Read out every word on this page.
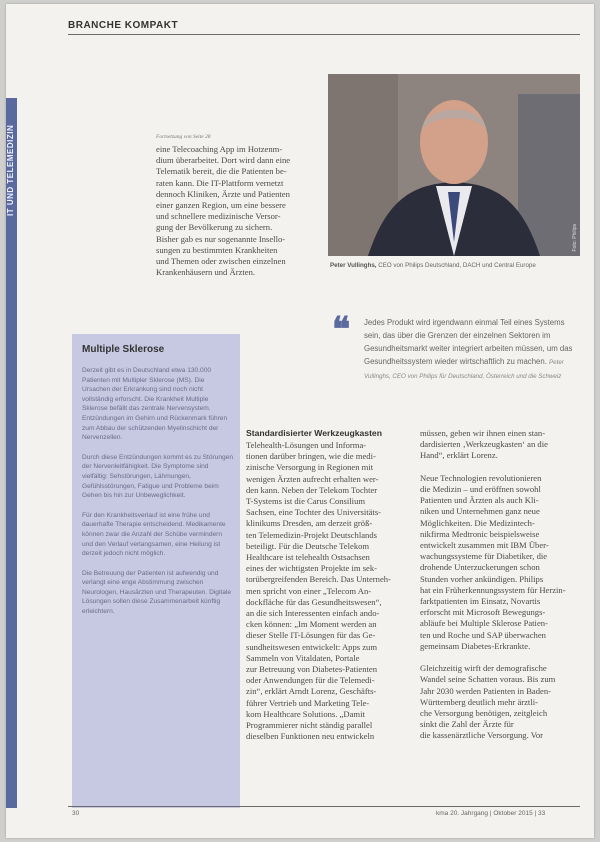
BRANCHE KOMPAKT
IT UND TELEMEDIZIN	Fortsetzung von Seite 28

eine Telecoaching App im Hotzenm-

dium überarbeitet. Dort wird dann eine

Telematik bereit, die die Patienten be-

raten kann. Die IT-Plattform vernetzt

dennoch Kliniken, Ärzte und Patienten

einer ganzen Region, um eine bessere

und schnellere medizinische Versor-

gung der Bevölkerung zu sichern.

Bisher gab es nur sogenannte Insello-

sungen zu bestimmten Krankheiten

und Themen oder zwischen einzelnen

Krankenhäusern und Ärzten.

Foto: Philips
Peter Vullinghs, CEO von Philips Deutschland, DACH und Central Europe
❝ Jedes Produkt wird irgendwann einmal Teil eines Systems sein, das über die Grenzen der einzelnen Sektoren im Gesundheitsmarkt weiter integriert arbeiten müssen, um das Gesundheitssystem wieder wirtschaftlich zu machen. Peter Vullinghs, CEO von Philips für Deutschland, Österreich und die Schweiz
Multiple Sklerose

Derzeit gibt es in Deutschland etwa 130.000 Patienten mit Multipler Sklerose (MS). Die Ursachen der Erkrankung sind noch nicht vollständig erforscht. Die Krankheit Multiple Sklerose befällt das zentrale Nervensystem. Entzündungen im Gehirn und Rückenmark führen zum Abbau der schützenden Myelinschicht der Nervenzellen.

Durch diese Entzündungen kommt es zu Störungen der Nervenleitfähigkeit. Die Symptome sind vielfältig: Sehstörungen, Lähmungen, Gefühlsstörungen, Fatigue und Probleme beim Gehen bis hin zur Unbeweglichkeit.

Für den Krankheitsverlauf ist eine frühe und dauerhafte Therapie entscheidend. Medikamente können zwar die Anzahl der Schübe vermindern und den Verlauf verlangsamen, eine Heilung ist derzeit jedoch nicht möglich.

Die Betreuung der Patienten ist aufwendig und verlangt eine enge Abstimmung zwischen Neurologen, Hausärzten und Therapeuten. Digitale Lösungen sollen diese Zusammenarbeit künftig erleichtern.

Standardisierter Werkzeugkasten

Telehealth-Lösungen und Informa-

tionen darüber bringen, wie die medi-

zinische Versorgung in Regionen mit

wenigen Ärzten aufrecht erhalten wer-

den kann. Neben der Telekom Tochter

T-Systems ist die Carus Consilium

Sachsen, eine Tochter des Universitäts-

klinikums Dresden, am derzeit größ-

ten Telemedizin-Projekt Deutschlands

beteiligt. Für die Deutsche Telekom

Healthcare ist telehealth Ostsachsen

eines der wichtigsten Projekte im sek-

torübergreifenden Bereich. Das Unterneh-

men spricht von einer „Telecom An-

dockfläche für das Gesundheitswesen“,

an die sich Interessenten einfach ando-

cken können: „Im Moment werden an

dieser Stelle IT-Lösungen für das Ge-

sundheitswesen entwickelt: Apps zum

Sammeln von Vitaldaten, Portale

zur Betreuung von Diabetes-Patienten

oder Anwendungen für die Telemedi-

zin“, erklärt Arndt Lorenz, Geschäfts-

führer Vertrieb und Marketing Tele-

kom Healthcare Solutions. „Damit

Programmierer nicht ständig parallel

dieselben Funktionen neu entwickeln

müssen, geben wir ihnen einen stan-

dardisierten ‚Werkzeugkasten‘ an die

Hand“, erklärt Lorenz.

Neue Technologien revolutionieren

die Medizin – und eröffnen sowohl

Patienten und Ärzten als auch Kli-

niken und Unternehmen ganz neue

Möglichkeiten. Die Medizintech-

nikfirma Medtronic beispielsweise

entwickelt zusammen mit IBM Über-

wachungssysteme für Diabetiker, die

drohende Unterzuckerungen schon

Stunden vorher ankündigen. Philips

hat ein Früherkennungssystem für Herzin-

farktpatienten im Einsatz, Novartis

erforscht mit Microsoft Bewegungs-

abläufe bei Multiple Sklerose Patien-

ten und Roche und SAP überwachen

gemeinsam Diabetes-Erkrankte.

Gleichzeitig wirft der demografische

Wandel seine Schatten voraus. Bis zum

Jahr 2030 werden Patienten in Baden-

Württemberg deutlich mehr ärztli-

che Versorgung benötigen, zeitgleich

sinkt die Zahl der Ärzte für

die kassenärztliche Versorgung. Vor

30	kma 20. Jahrgang | Oktober 2015 | 33
